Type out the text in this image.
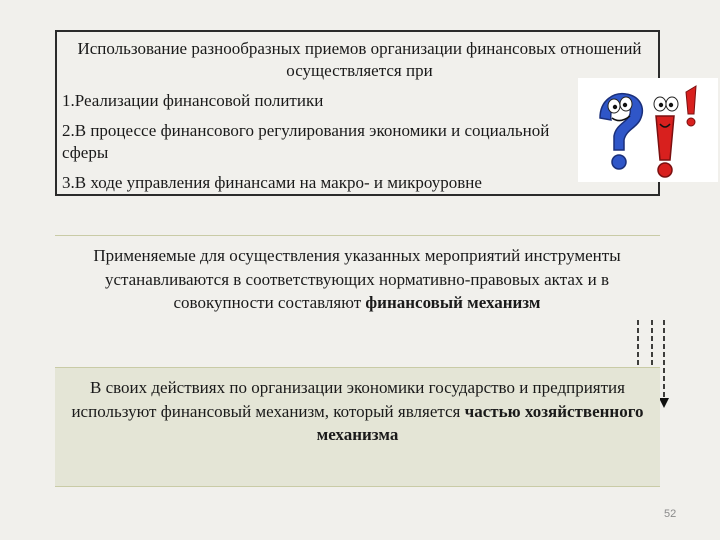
Использование разнообразных приемов организации финансовых отношений осуществляется при
1.Реализации финансовой политики
2.В процессе финансового регулирования экономики и социальной
сферы
3.В ходе управления финансами на макро- и микроуровне
Применяемые для осуществления указанных мероприятий инструменты устанавливаются в соответствующих нормативно-правовых актах и в совокупности составляют финансовый механизм
В своих действиях по организации экономики государство и предприятия используют финансовый механизм, который является частью хозяйственного механизма
52
